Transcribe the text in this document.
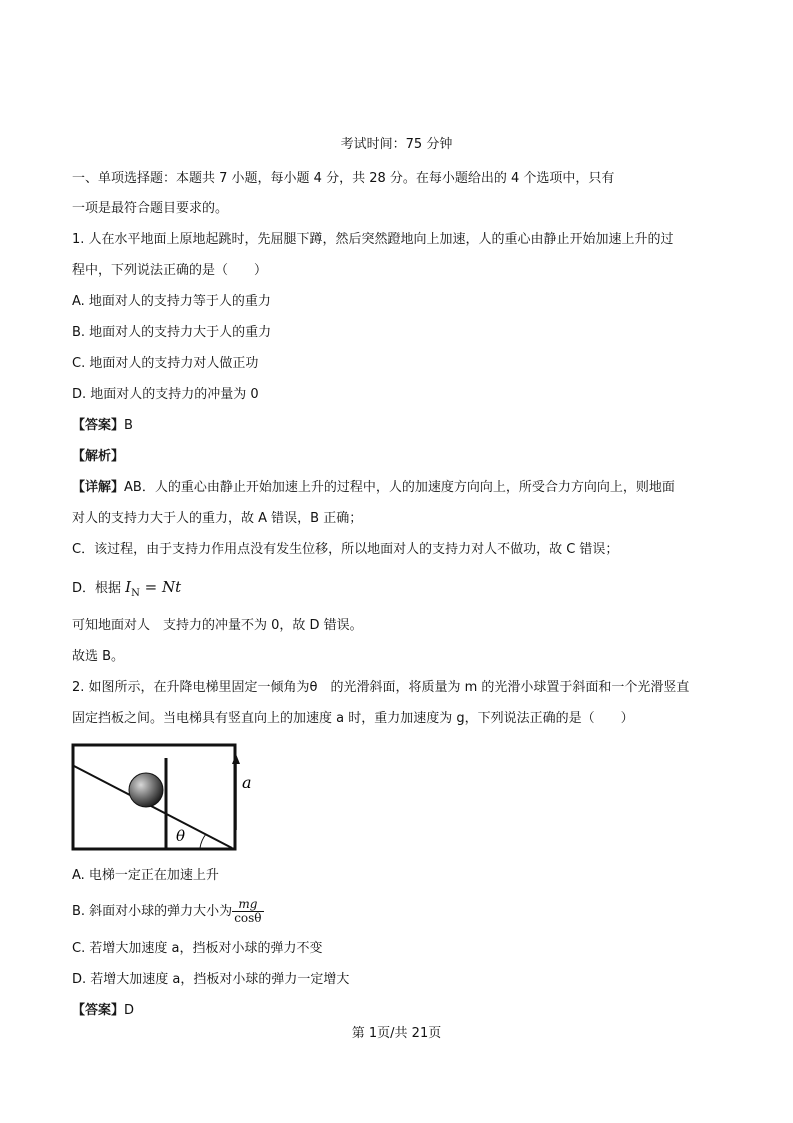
考试时间：75 分钟
一、单项选择题：本题共 7 小题，每小题 4 分，共 28 分。在每小题给出的 4 个选项中，只有
一项是最符合题目要求的。
1. 人在水平地面上原地起跳时，先屈腿下蹲，然后突然蹬地向上加速，人的重心由静止开始加速上升的过
程中，下列说法正确的是（　　）
A. 地面对人的支持力等于人的重力
B. 地面对人的支持力大于人的重力
C. 地面对人的支持力对人做正功
D. 地面对人的支持力的冲量为 0
【答案】B
【解析】
【详解】AB．人的重心由静止开始加速上升的过程中，人的加速度方向向上，所受合力方向向上，则地面
对人的支持力大于人的重力，故 A 错误，B 正确；
C．该过程，由于支持力作用点没有发生位移，所以地面对人的支持力对人不做功，故 C 错误；
D．根据 $I_N = Nt$
可知地面对人　支持力的冲量不为 0，故 D 错误。
故选 B。
2. 如图所示，在升降电梯里固定一倾角为θ　的光滑斜面，将质量为 m 的光滑小球置于斜面和一个光滑竖直
固定挡板之间。当电梯具有竖直向上的加速度 a 时，重力加速度为 g，下列说法正确的是（　　）
θ
a
A. 电梯一定正在加速上升
B. 斜面对小球的弹力大小为 $\frac{mg}{\cos\theta}$
C. 若增大加速度 a，挡板对小球的弹力不变
D. 若增大加速度 a，挡板对小球的弹力一定增大
【答案】D
第 1页/共 21页
